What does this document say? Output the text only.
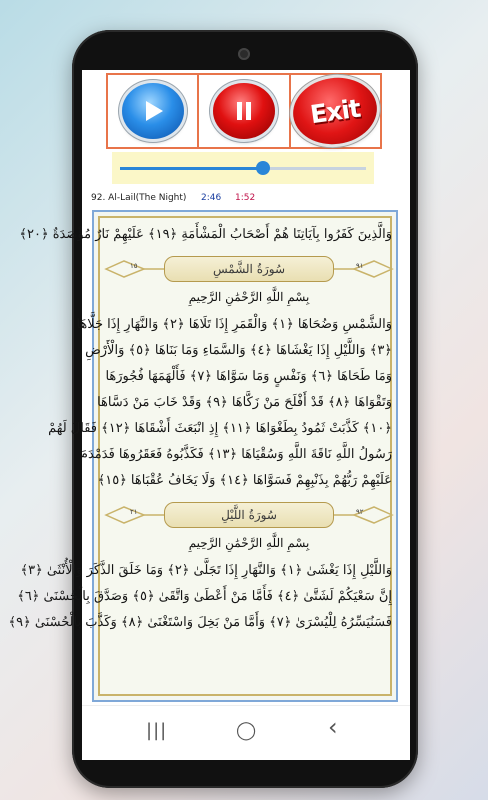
Exit
92. Al-Lail(The Night) 2:46 1:52
وَالَّذِينَ كَفَرُوا بِآيَاتِنَا هُمْ أَصْحَابُ الْمَشْأَمَةِ ﴿١٩﴾ عَلَيْهِمْ نَارٌ مُؤْصَدَةٌ ﴿٢٠﴾
١٥	سُورَةُ الشَّمْسِ	٩١
بِسْمِ اللَّهِ الرَّحْمَٰنِ الرَّحِيمِ
وَالشَّمْسِ وَضُحَاهَا ﴿١﴾ وَالْقَمَرِ إِذَا تَلَاهَا ﴿٢﴾ وَالنَّهَارِ إِذَا جَلَّاهَا
﴿٣﴾ وَاللَّيْلِ إِذَا يَغْشَاهَا ﴿٤﴾ وَالسَّمَاءِ وَمَا بَنَاهَا ﴿٥﴾ وَالْأَرْضِ
وَمَا طَحَاهَا ﴿٦﴾ وَنَفْسٍ وَمَا سَوَّاهَا ﴿٧﴾ فَأَلْهَمَهَا فُجُورَهَا
وَتَقْوَاهَا ﴿٨﴾ قَدْ أَفْلَحَ مَنْ زَكَّاهَا ﴿٩﴾ وَقَدْ خَابَ مَنْ دَسَّاهَا
﴿١٠﴾ كَذَّبَتْ ثَمُودُ بِطَغْوَاهَا ﴿١١﴾ إِذِ انْبَعَثَ أَشْقَاهَا ﴿١٢﴾ فَقَالَ لَهُمْ
رَسُولُ اللَّهِ نَاقَةَ اللَّهِ وَسُقْيَاهَا ﴿١٣﴾ فَكَذَّبُوهُ فَعَقَرُوهَا فَدَمْدَمَ
عَلَيْهِمْ رَبُّهُمْ بِذَنْبِهِمْ فَسَوَّاهَا ﴿١٤﴾ وَلَا يَخَافُ عُقْبَاهَا ﴿١٥﴾
٢١	سُورَةُ اللَّيْلِ	٩٢
بِسْمِ اللَّهِ الرَّحْمَٰنِ الرَّحِيمِ
وَاللَّيْلِ إِذَا يَغْشَىٰ ﴿١﴾ وَالنَّهَارِ إِذَا تَجَلَّىٰ ﴿٢﴾ وَمَا خَلَقَ الذَّكَرَ وَالْأُنْثَىٰ ﴿٣﴾
إِنَّ سَعْيَكُمْ لَشَتَّىٰ ﴿٤﴾ فَأَمَّا مَنْ أَعْطَىٰ وَاتَّقَىٰ ﴿٥﴾ وَصَدَّقَ بِالْحُسْنَىٰ ﴿٦﴾
فَسَنُيَسِّرُهُ لِلْيُسْرَىٰ ﴿٧﴾ وَأَمَّا مَنْ بَخِلَ وَاسْتَغْنَىٰ ﴿٨﴾ وَكَذَّبَ بِالْحُسْنَىٰ ﴿٩﴾
|||	◯	‹
